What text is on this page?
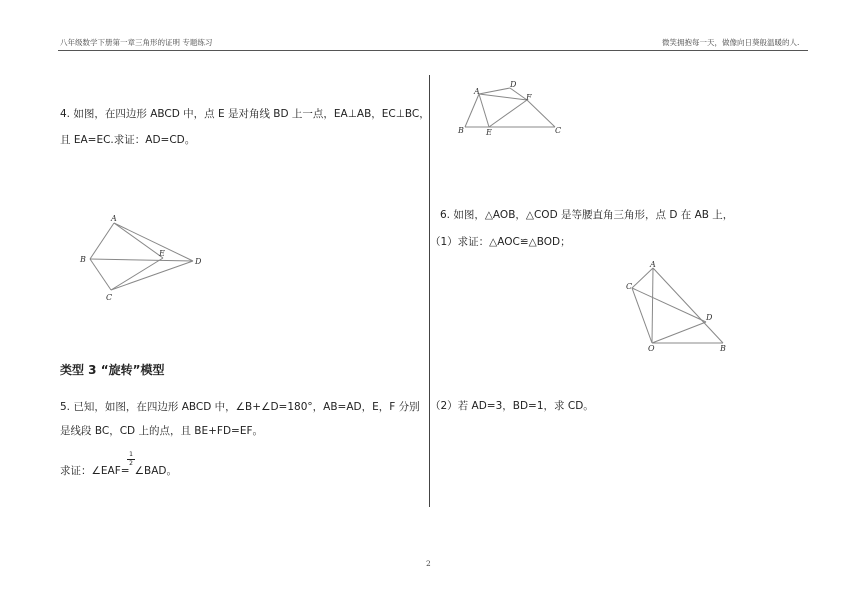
八年级数学下册第一章三角形的证明 专题练习	微笑拥抱每一天，做像向日葵般温暖的人.
4. 如图，在四边形 ABCD 中，点 E 是对角线 BD 上一点，EA⊥AB，EC⊥BC，
且 EA=EC.求证：AD=CD。
A
B
E
D
C
类型 3 “旋转”模型
5. 已知，如图，在四边形 ABCD 中，∠B+∠D=180°，AB=AD，E，F 分别
是线段 BC，CD 上的点，且 BE+FD=EF。
求证：∠EAF= ∠BAD。
1
2
A
D
F
B	E	C
6. 如图，△AOB，△COD 是等腰直角三角形，点 D 在 AB 上，
（1）求证：△AOC≌△BOD；
A
C
D
O	B
（2）若 AD=3，BD=1，求 CD。
2
